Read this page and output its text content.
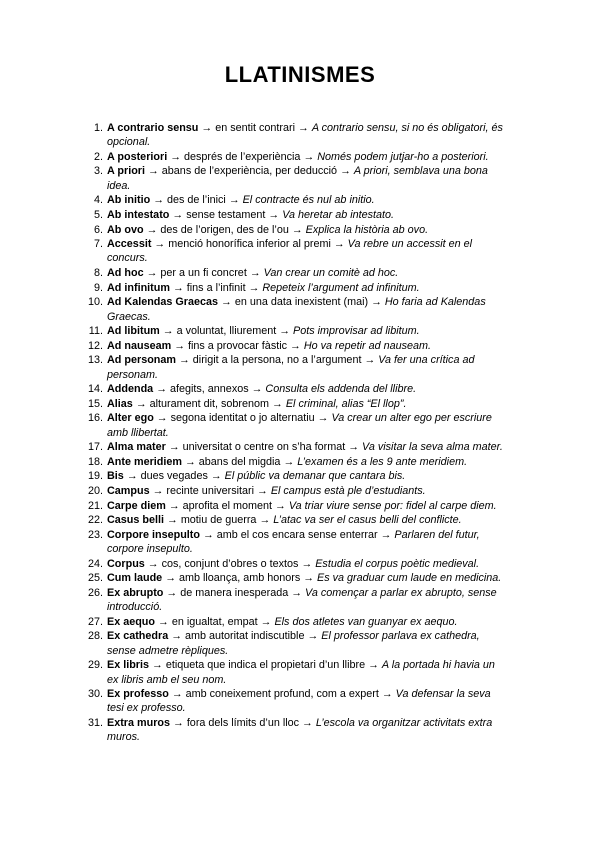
LLATINISMES
1. A contrario sensu → en sentit contrari → A contrario sensu, si no és obligatori, és opcional.
2. A posteriori → després de l’experiència → Només podem jutjar-ho a posteriori.
3. A priori → abans de l’experiència, per deducció → A priori, semblava una bona idea.
4. Ab initio → des de l’inici → El contracte és nul ab initio.
5. Ab intestato → sense testament → Va heretar ab intestato.
6. Ab ovo → des de l’origen, des de l’ou → Explica la història ab ovo.
7. Accessit → menció honorífica inferior al premi → Va rebre un accessit en el concurs.
8. Ad hoc → per a un fi concret → Van crear un comitè ad hoc.
9. Ad infinitum → fins a l’infinit → Repeteix l’argument ad infinitum.
10. Ad Kalendas Graecas → en una data inexistent (mai) → Ho faria ad Kalendas Graecas.
11. Ad libitum → a voluntat, lliurement → Pots improvisar ad libitum.
12. Ad nauseam → fins a provocar fàstic → Ho va repetir ad nauseam.
13. Ad personam → dirigit a la persona, no a l’argument → Va fer una crítica ad personam.
14. Addenda → afegits, annexos → Consulta els addenda del llibre.
15. Alias → alturament dit, sobrenom → El criminal, alias “El llop”.
16. Alter ego → segona identitat o jo alternatiu → Va crear un alter ego per escriure amb llibertat.
17. Alma mater → universitat o centre on s’ha format → Va visitar la seva alma mater.
18. Ante meridiem → abans del migdia → L’examen és a les 9 ante meridiem.
19. Bis → dues vegades → El públic va demanar que cantara bis.
20. Campus → recinte universitari → El campus està ple d’estudiants.
21. Carpe diem → aprofita el moment → Va triar viure sense por: fidel al carpe diem.
22. Casus belli → motiu de guerra → L’atac va ser el casus belli del conflicte.
23. Corpore insepulto → amb el cos encara sense enterrar → Parlaren del futur, corpore insepulto.
24. Corpus → cos, conjunt d’obres o textos → Estudia el corpus poètic medieval.
25. Cum laude → amb lloança, amb honors → Es va graduar cum laude en medicina.
26. Ex abrupto → de manera inesperada → Va començar a parlar ex abrupto, sense introducció.
27. Ex aequo → en igualtat, empat → Els dos atletes van guanyar ex aequo.
28. Ex cathedra → amb autoritat indiscutible → El professor parlava ex cathedra, sense admetre rèpliques.
29. Ex libris → etiqueta que indica el propietari d’un llibre → A la portada hi havia un ex libris amb el seu nom.
30. Ex professo → amb coneixement profund, com a expert → Va defensar la seva tesi ex professo.
31. Extra muros → fora dels límits d’un lloc → L’escola va organitzar activitats extra muros.
